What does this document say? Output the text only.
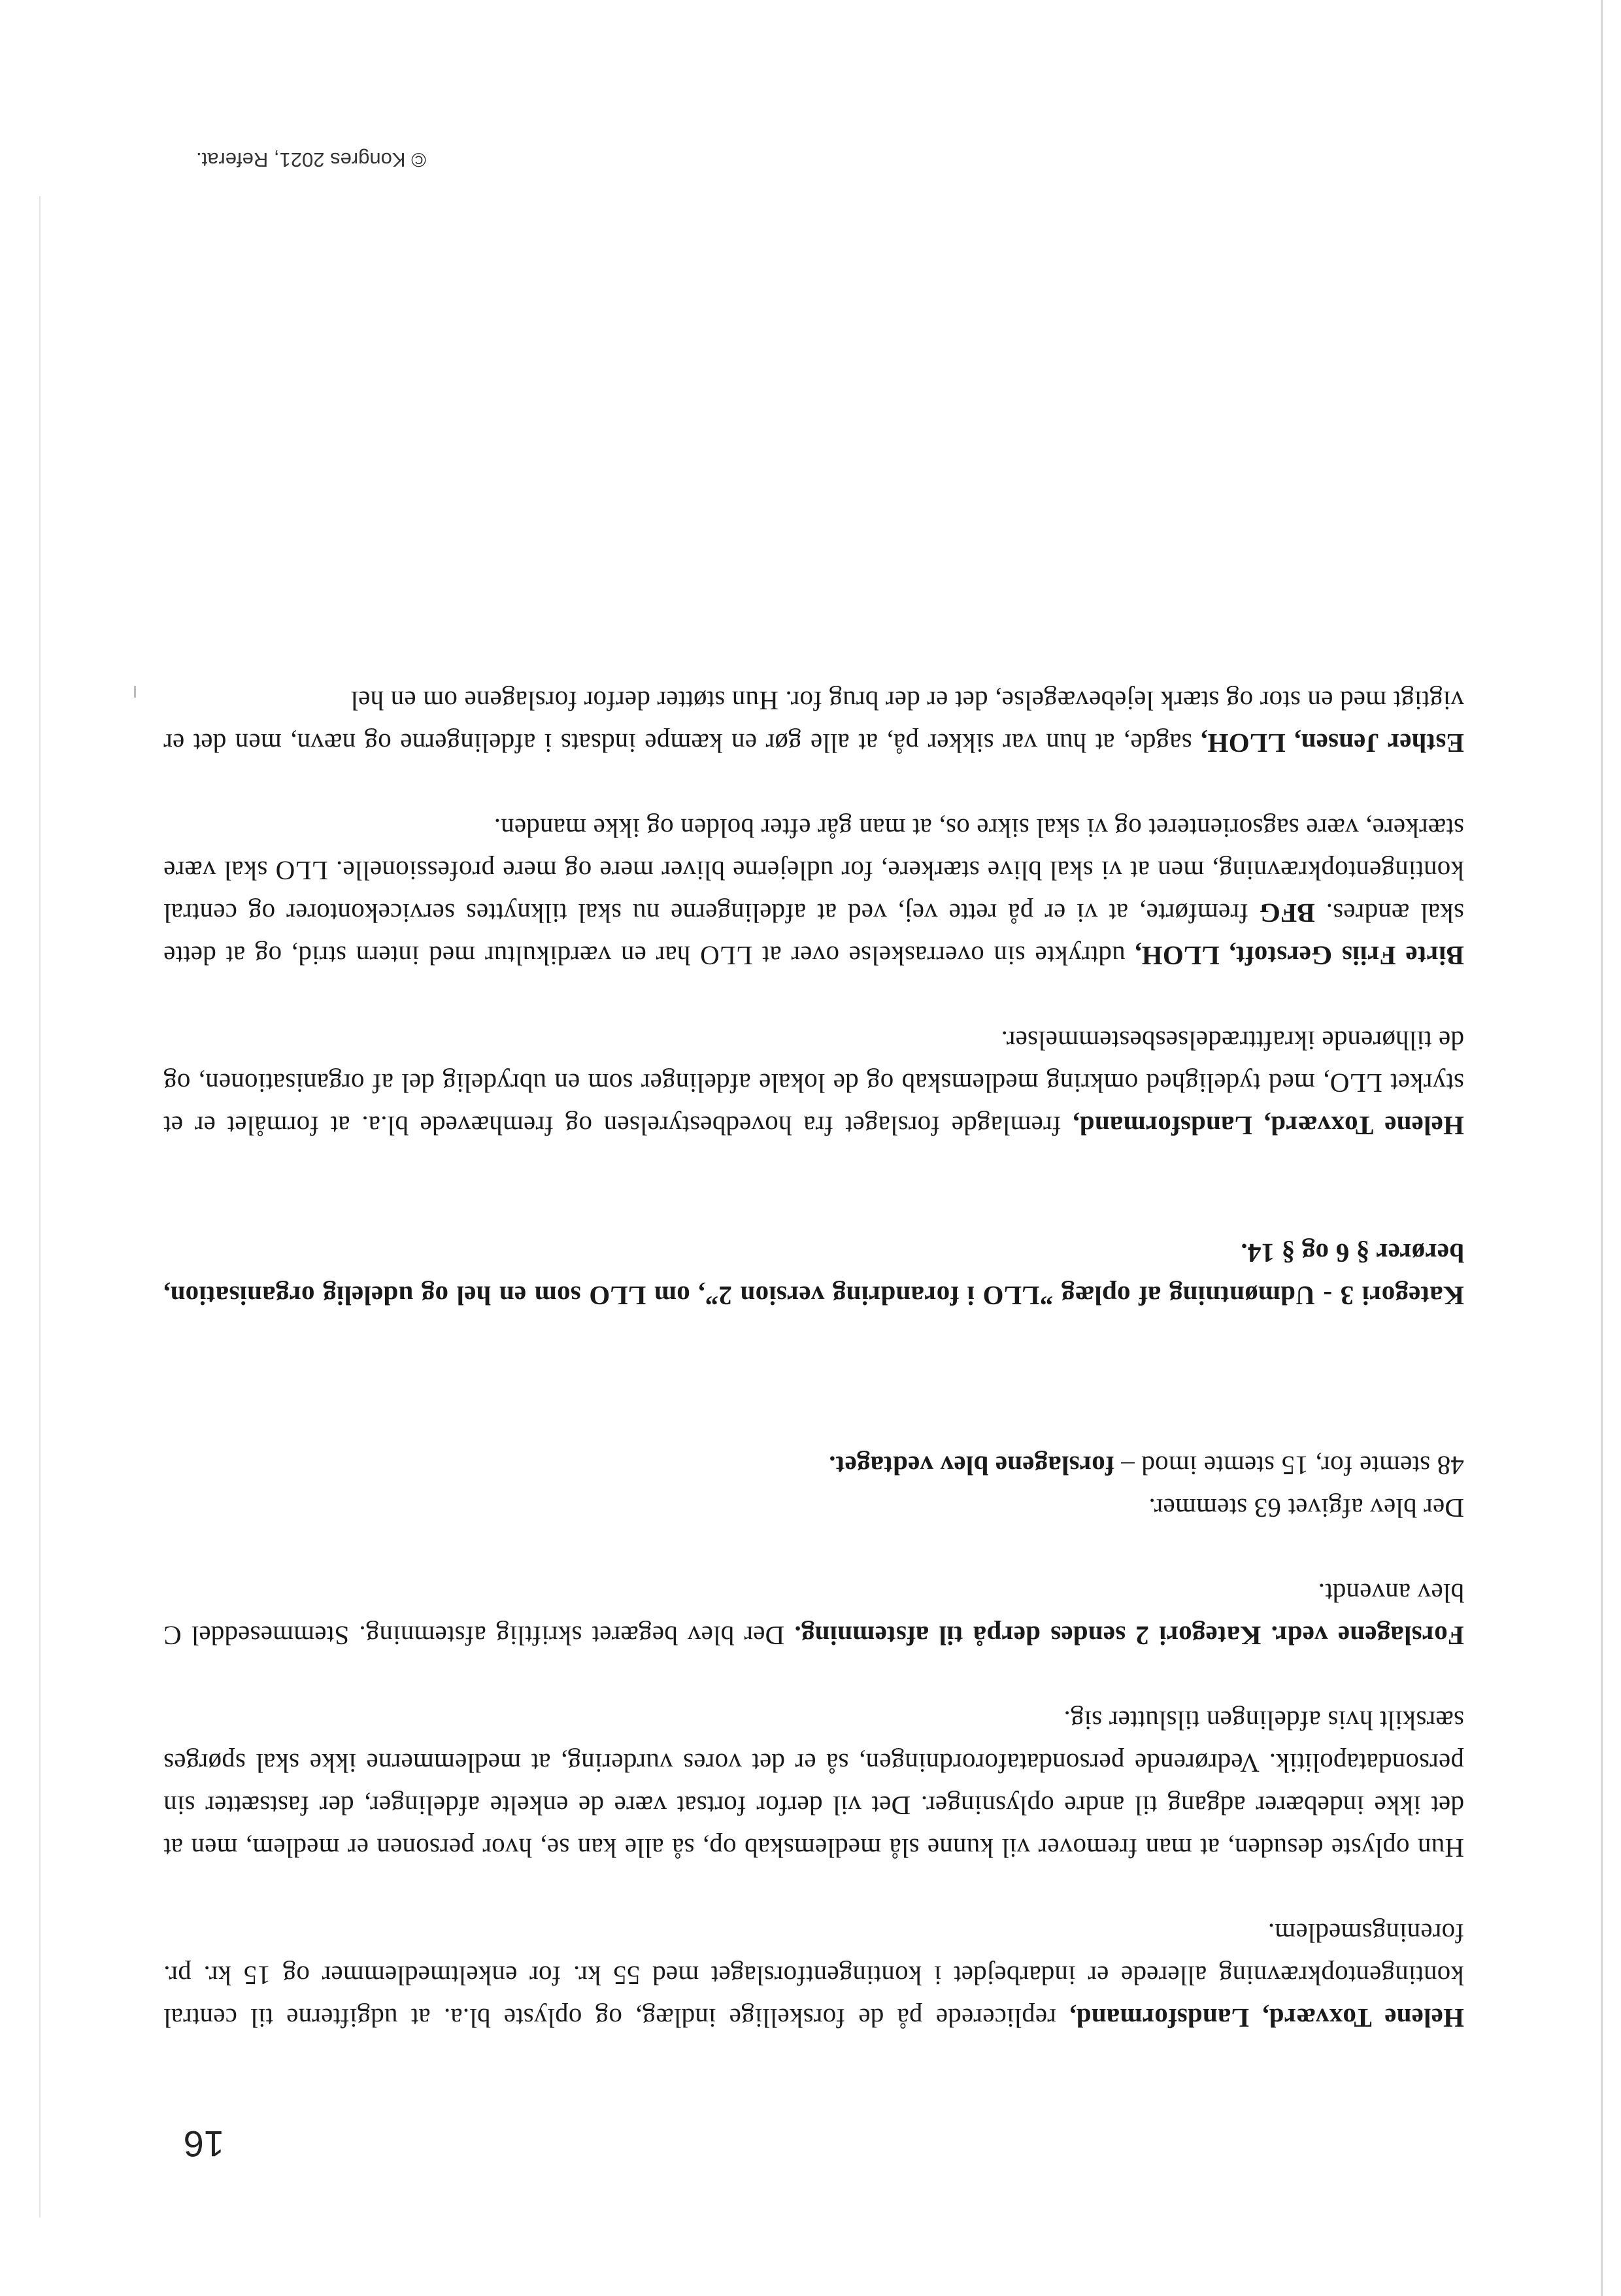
16

Helene Toxværd, Landsformand, replicerede på de forskellige indlæg, og oplyste bl.a. at udgifterne til central kontingentopkrævning allerede er indarbejdet i kontingentforslaget med 55 kr. for enkeltmedlemmer og 15 kr. pr. foreningsmedlem.

Hun oplyste desuden, at man fremover vil kunne slå medlemskab op, så alle kan se, hvor personen er medlem, men at det ikke indebærer adgang til andre oplysninger. Det vil derfor fortsat være de enkelte afdelinger, der fastsætter sin persondatapolitik. Vedrørende persondataforordningen, så er det vores vurdering, at medlemmerne ikke skal spørges særskilt hvis afdelingen tilslutter sig.

Forslagene vedr. Kategori 2 sendes derpå til afstemning. Der blev begæret skriftlig afstemning. Stemmeseddel C blev anvendt.

Der blev afgivet 63 stemmer.

48 stemte for, 15 stemte imod – forslagene blev vedtaget.

Kategori 3 - Udmøntning af oplæg ”LLO i forandring version 2”, om LLO som en hel og udelelig organisation, berører § 6 og § 14.

Helene Toxværd, Landsformand, fremlagde forslaget fra hovedbestyrelsen og fremhævede bl.a. at formålet er et styrket LLO, med tydelighed omkring medlemskab og de lokale afdelinger som en ubrydelig del af organisationen, og de tilhørende ikrafttrædelsesbestemmelser.

Birte Friis Gerstoft, LLOH, udtrykte sin overraskelse over at LLO har en værdikultur med intern strid, og at dette skal ændres. BFG fremførte, at vi er på rette vej, ved at afdelingerne nu skal tilknyttes servicekontorer og central kontingentopkrævning, men at vi skal blive stærkere, for udlejerne bliver mere og mere professionelle. LLO skal være stærkere, være sagsorienteret og vi skal sikre os, at man går efter bolden og ikke manden.

Esther Jensen, LLOH, sagde, at hun var sikker på, at alle gør en kæmpe indsats i afdelingerne og nævn, men det er vigtigt med en stor og stærk lejebevægelse, det er der brug for. Hun støtter derfor forslagene om en hel

© Kongres 2021, Referat.
